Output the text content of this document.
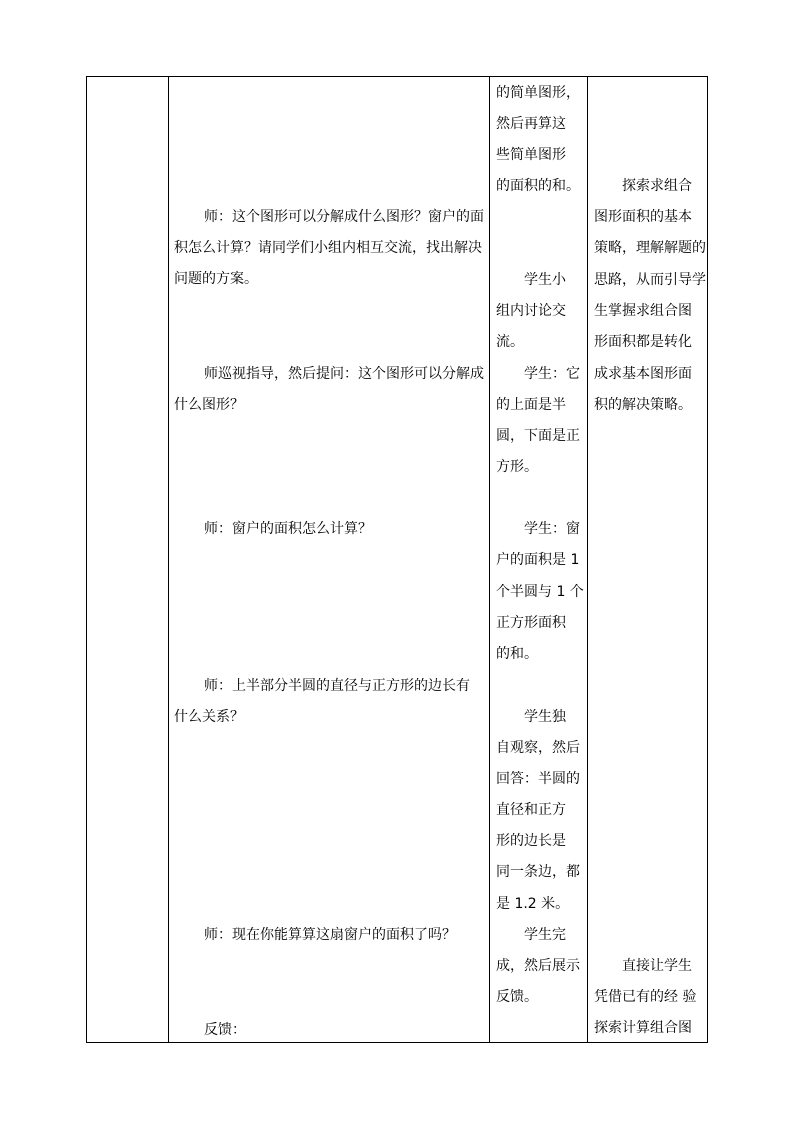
师：这个图形可以分解成什么图形？窗户的面
积怎么计算？请同学们小组内相互交流，找出解决
问题的方案。
师巡视指导，然后提问：这个图形可以分解成
什么图形？
师：窗户的面积怎么计算？
师：上半部分半圆的直径与正方形的边长有
什么关系？
师：现在你能算算这扇窗户的面积了吗？
反馈：
的简单图形，
然后再算这
些简单图形
的面积的和。
学生小
组内讨论交
流。
学生：它
的上面是半
圆，下面是正
方形。
学生：窗
户的面积是 1
个半圆与 1 个
正方形面积
的和。
学生独
自观察，然后
回答：半圆的
直径和正方
形的边长是
同一条边，都
是 1.2 米。
学生完
成，然后展示
反馈。
探索求组合
图形面积的基本
策略，理解解题的
思路，从而引导学
生掌握求组合图
形面积都是转化
成求基本图形面
积的解决策略。
直接让学生
凭借已有的经 验
探索计算组合图
